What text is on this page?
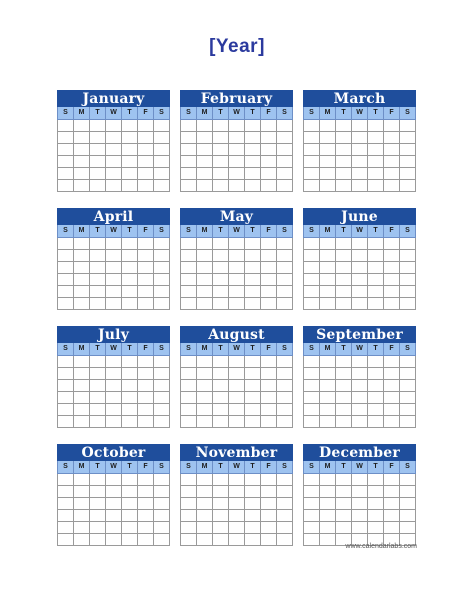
[Year]
January
S	M	T	W	T	F	S
February
S	M	T	W	T	F	S
March
S	M	T	W	T	F	S
April
S	M	T	W	T	F	S
May
S	M	T	W	T	F	S
June
S	M	T	W	T	F	S
July
S	M	T	W	T	F	S
August
S	M	T	W	T	F	S
September
S	M	T	W	T	F	S
October
S	M	T	W	T	F	S
November
S	M	T	W	T	F	S
December
S	M	T	W	T	F	S
www.calendarlabs.com
